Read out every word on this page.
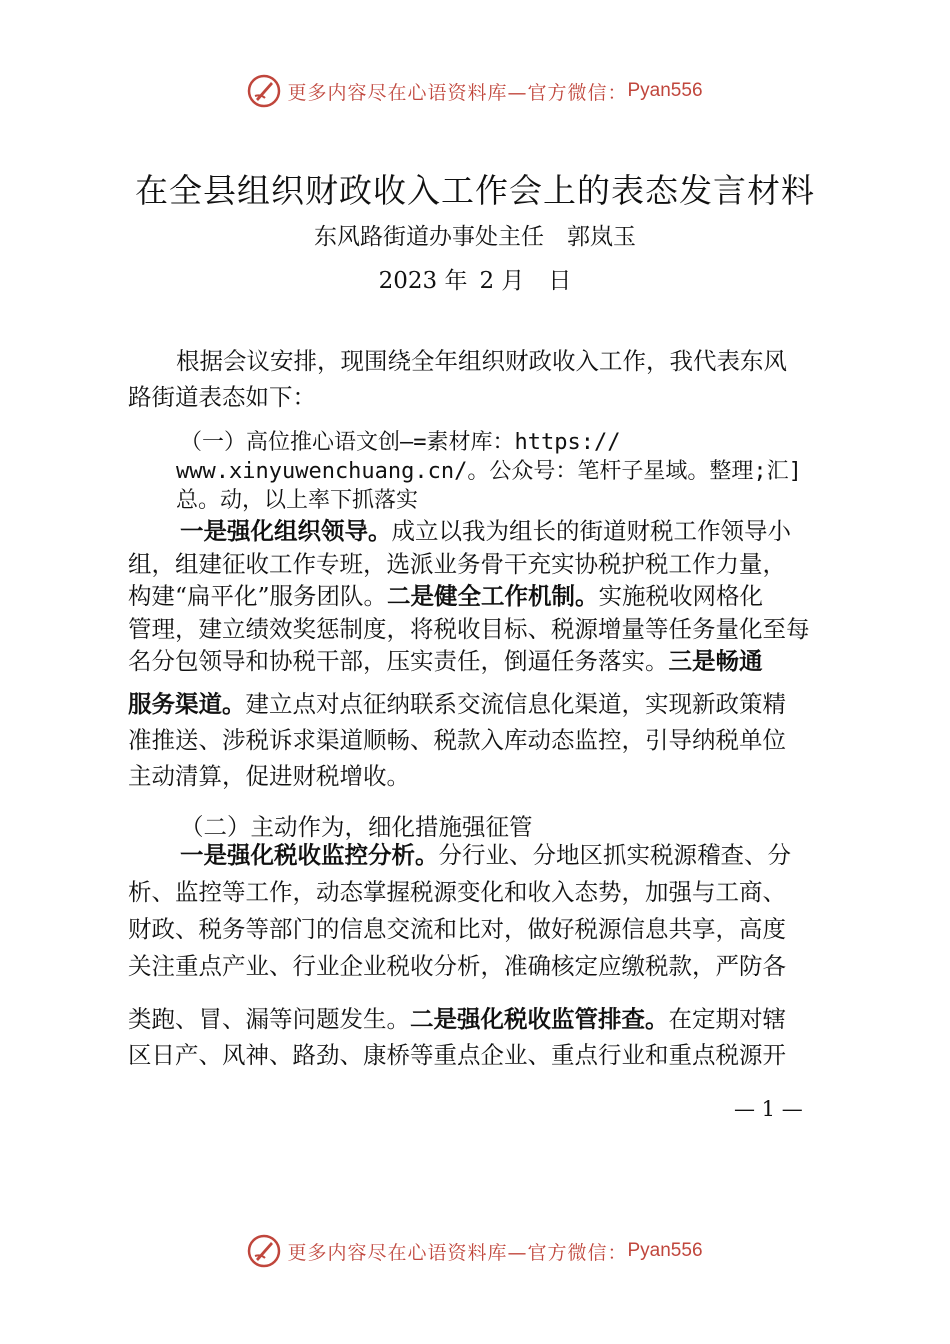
更多内容尽在心语资料库—官方微信： Pyan556
在全县组织财政收入工作会上的表态发言材料
东风路街道办事处主任　郭岚玉
2023 年 2 月 日
根据会议安排，现围绕全年组织财政收入工作，我代表东风
路街道表态如下：
（一）高位推心语文创—=素材库：https://
www.xinyuwenchuang.cn/。公众号：笔杆子星域。整理;汇]
总。动，以上率下抓落实
一是强化组织领导。成立以我为组长的街道财税工作领导小
组，组建征收工作专班，选派业务骨干充实协税护税工作力量，
构建“扁平化”服务团队。二是健全工作机制。实施税收网格化
管理，建立绩效奖惩制度，将税收目标、税源增量等任务量化至每
名分包领导和协税干部，压实责任，倒逼任务落实。三是畅通
服务渠道。建立点对点征纳联系交流信息化渠道，实现新政策精
准推送、涉税诉求渠道顺畅、税款入库动态监控，引导纳税单位
主动清算，促进财税增收。
（二）主动作为，细化措施强征管
一是强化税收监控分析。分行业、分地区抓实税源稽查、分
析、监控等工作，动态掌握税源变化和收入态势，加强与工商、
财政、税务等部门的信息交流和比对，做好税源信息共享，高度
关注重点产业、行业企业税收分析，准确核定应缴税款，严防各
类跑、冒、漏等问题发生。二是强化税收监管排查。在定期对辖
区日产、风神、路劲、康桥等重点企业、重点行业和重点税源开
— 1 —
更多内容尽在心语资料库—官方微信： Pyan556
